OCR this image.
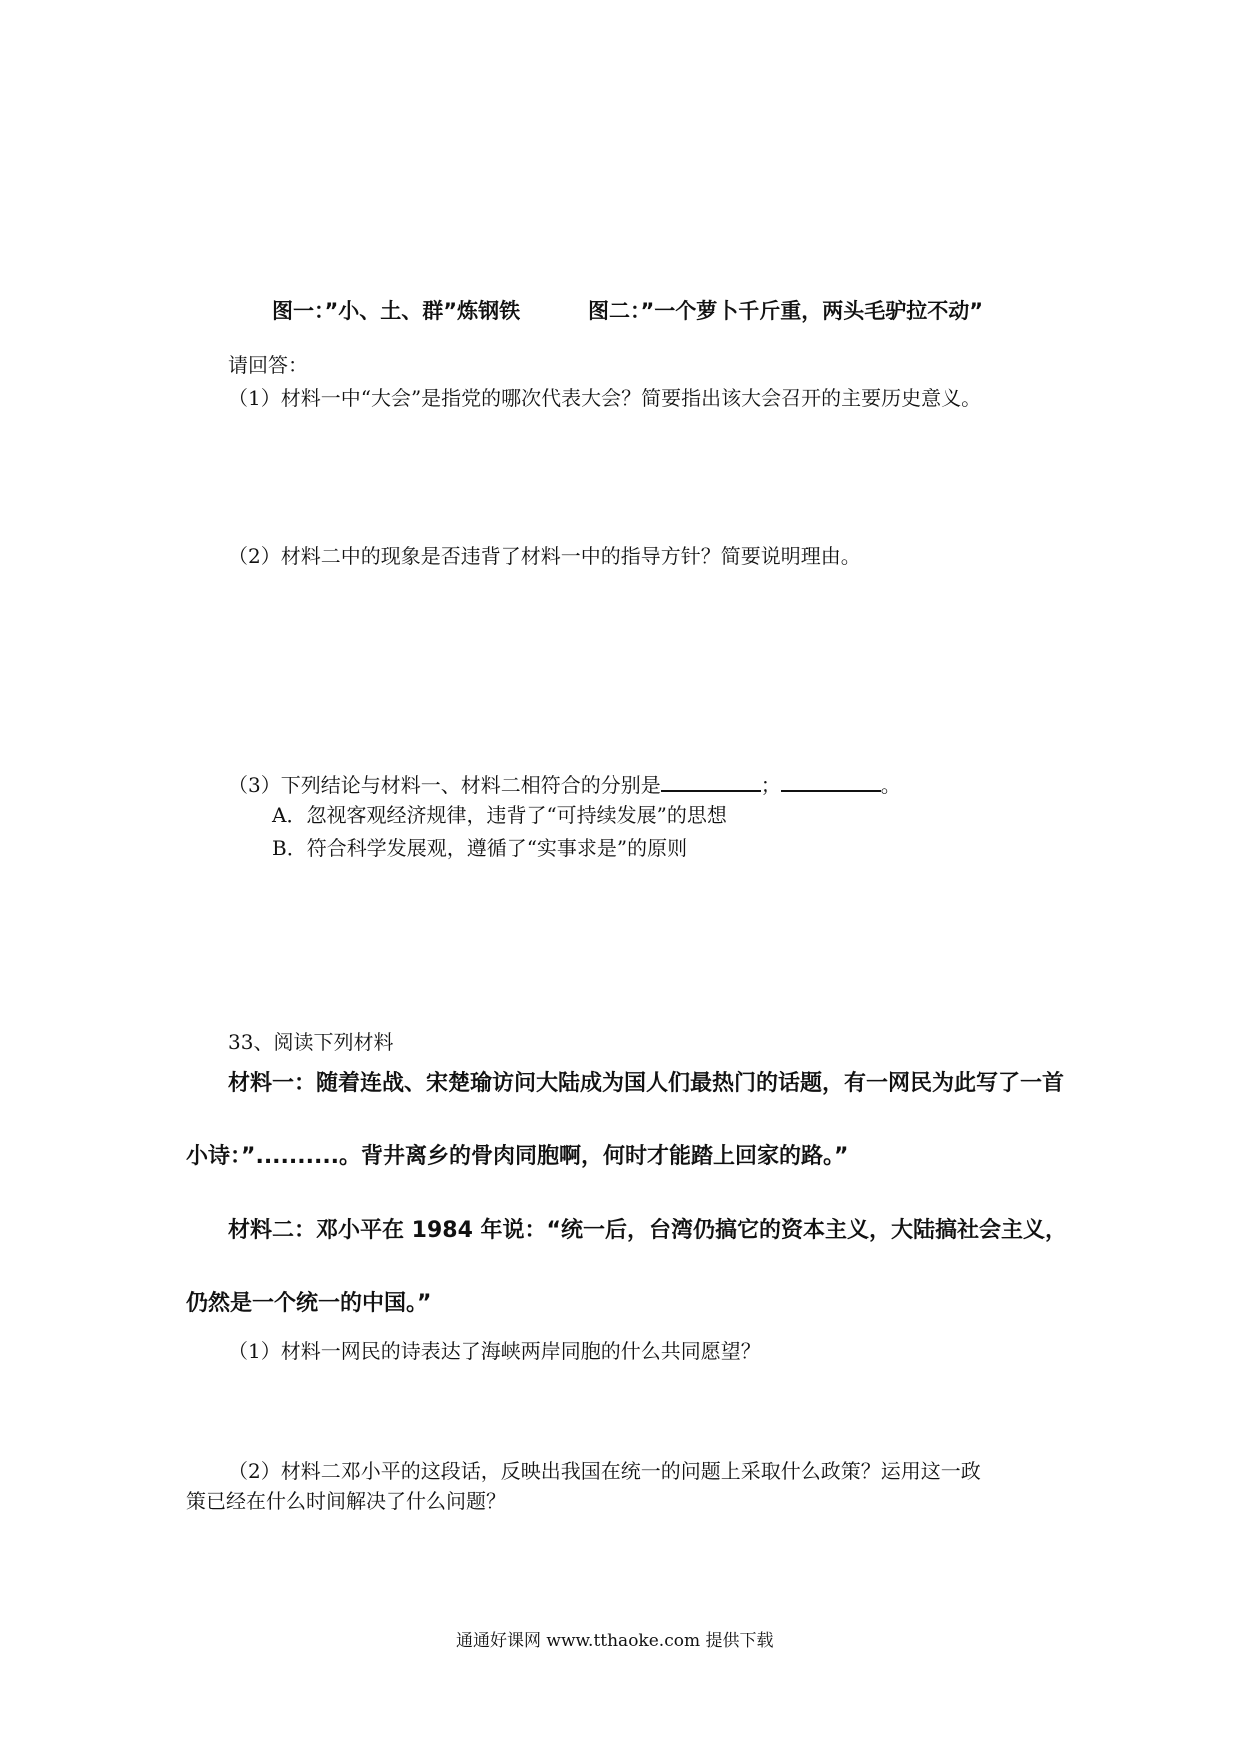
图一：”小、土、群”炼钢铁	图二：”一个萝卜千斤重，两头毛驴拉不动”
请回答：
（1）材料一中“大会”是指党的哪次代表大会？简要指出该大会召开的主要历史意义。
（2）材料二中的现象是否违背了材料一中的指导方针？简要说明理由。
（3）下列结论与材料一、材料二相符合的分别是	；	。
A．忽视客观经济规律，违背了“可持续发展”的思想
B．符合科学发展观，遵循了“实事求是”的原则
33、阅读下列材料
材料一：随着连战、宋楚瑜访问大陆成为国人们最热门的话题，有一网民为此写了一首
小诗：”..........。背井离乡的骨肉同胞啊，何时才能踏上回家的路。”
材料二：邓小平在 1984 年说：“统一后，台湾仍搞它的资本主义，大陆搞社会主义，
仍然是一个统一的中国。”
（1）材料一网民的诗表达了海峡两岸同胞的什么共同愿望？
（2）材料二邓小平的这段话，反映出我国在统一的问题上采取什么政策？运用这一政
策已经在什么时间解决了什么问题？
通通好课网 www.tthaoke.com 提供下载
